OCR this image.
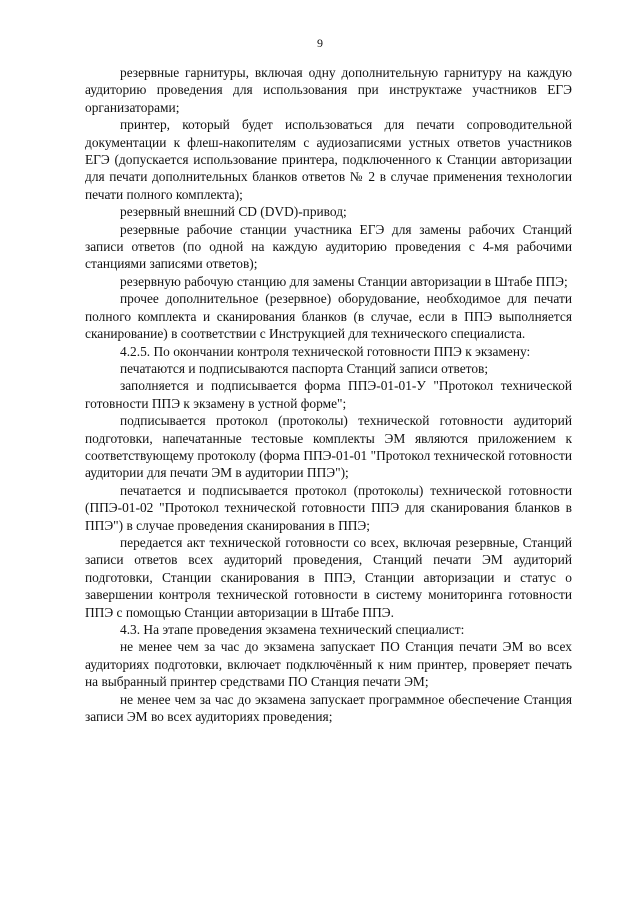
9

резервные гарнитуры, включая одну дополнительную гарнитуру на каждую аудиторию проведения для использования при инструктаже участников ЕГЭ организаторами;

принтер, который будет использоваться для печати сопроводительной документации к флеш-накопителям с аудиозаписями устных ответов участников ЕГЭ (допускается использование принтера, подключенного к Станции авторизации для печати дополнительных бланков ответов № 2 в случае применения технологии печати полного комплекта);

резервный внешний CD (DVD)-привод;

резервные рабочие станции участника ЕГЭ для замены рабочих Станций записи ответов (по одной на каждую аудиторию проведения с 4-мя рабочими станциями записями ответов);

резервную рабочую станцию для замены Станции авторизации в Штабе ППЭ;

прочее дополнительное (резервное) оборудование, необходимое для печати полного комплекта и сканирования бланков (в случае, если в ППЭ выполняется сканирование) в соответствии с Инструкцией для технического специалиста.

4.2.5. По окончании контроля технической готовности ППЭ к экзамену:

печатаются и подписываются паспорта Станций записи ответов;

заполняется и подписывается форма ППЭ-01-01-У "Протокол технической готовности ППЭ к экзамену в устной форме";

подписывается протокол (протоколы) технической готовности аудиторий подготовки, напечатанные тестовые комплекты ЭМ являются приложением к соответствующему протоколу (форма ППЭ-01-01 "Протокол технической готовности аудитории для печати ЭМ в аудитории ППЭ");

печатается и подписывается протокол (протоколы) технической готовности (ППЭ-01-02 "Протокол технической готовности ППЭ для сканирования бланков в ППЭ") в случае проведения сканирования в ППЭ;

передается акт технической готовности со всех, включая резервные, Станций записи ответов всех аудиторий проведения, Станций печати ЭМ аудиторий подготовки, Станции сканирования в ППЭ, Станции авторизации и статус о завершении контроля технической готовности в систему мониторинга готовности ППЭ с помощью Станции авторизации в Штабе ППЭ.

4.3. На этапе проведения экзамена технический специалист:

не менее чем за час до экзамена запускает ПО Станция печати ЭМ во всех аудиториях подготовки, включает подключённый к ним принтер, проверяет печать на выбранный принтер средствами ПО Станция печати ЭМ;

не менее чем за час до экзамена запускает программное обеспечение Станция записи ЭМ во всех аудиториях проведения;
